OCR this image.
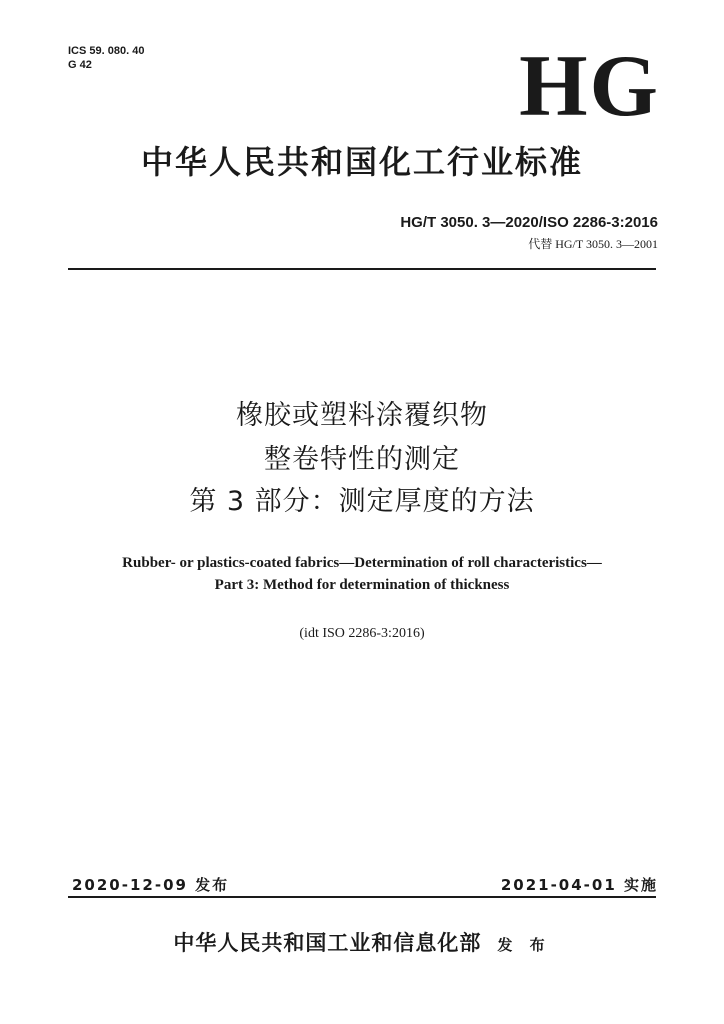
ICS 59. 080. 40
G 42	HG
中华人民共和国化工行业标准
HG/T 3050. 3—2020/ISO 2286-3:2016
代替 HG/T 3050. 3—2001
橡胶或塑料涂覆织物
整卷特性的测定
第 3 部分：测定厚度的方法
Rubber- or plastics-coated fabrics—Determination of roll characteristics—
Part 3: Method for determination of thickness
(idt ISO 2286-3:2016)
2020-12-09 发布	2021-04-01 实施
中华人民共和国工业和信息化部 发 布
